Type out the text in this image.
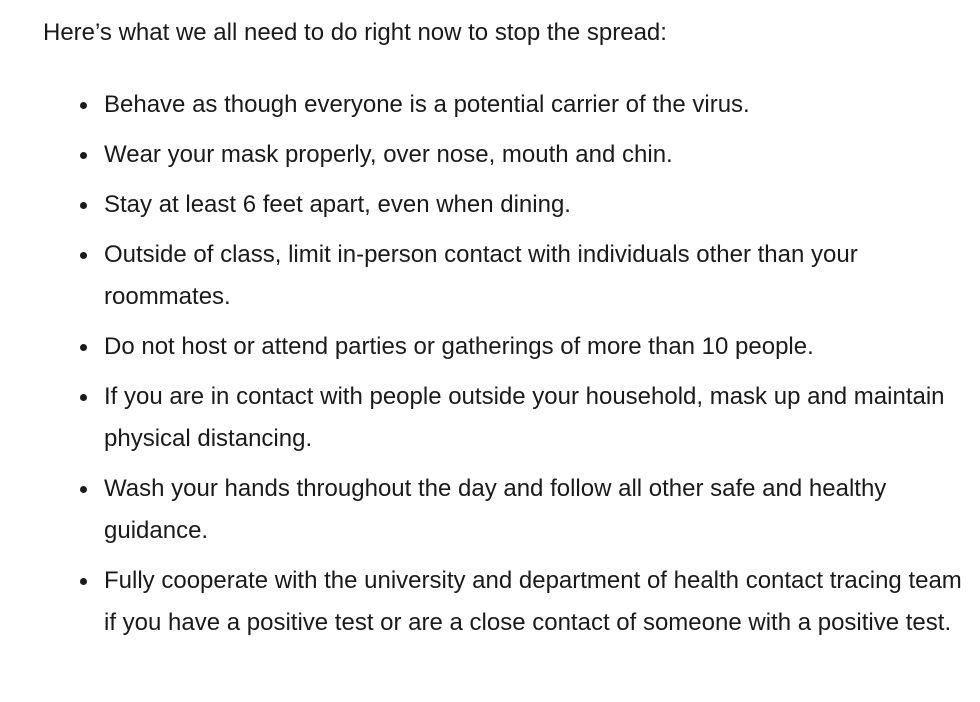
Here’s what we all need to do right now to stop the spread:

Behave as though everyone is a potential carrier of the virus.
Wear your mask properly, over nose, mouth and chin.
Stay at least 6 feet apart, even when dining.
Outside of class, limit in-person contact with individuals other than your roommates.
Do not host or attend parties or gatherings of more than 10 people.
If you are in contact with people outside your household, mask up and maintain physical distancing.
Wash your hands throughout the day and follow all other safe and healthy guidance.
Fully cooperate with the university and department of health contact tracing team if you have a positive test or are a close contact of someone with a positive test.
